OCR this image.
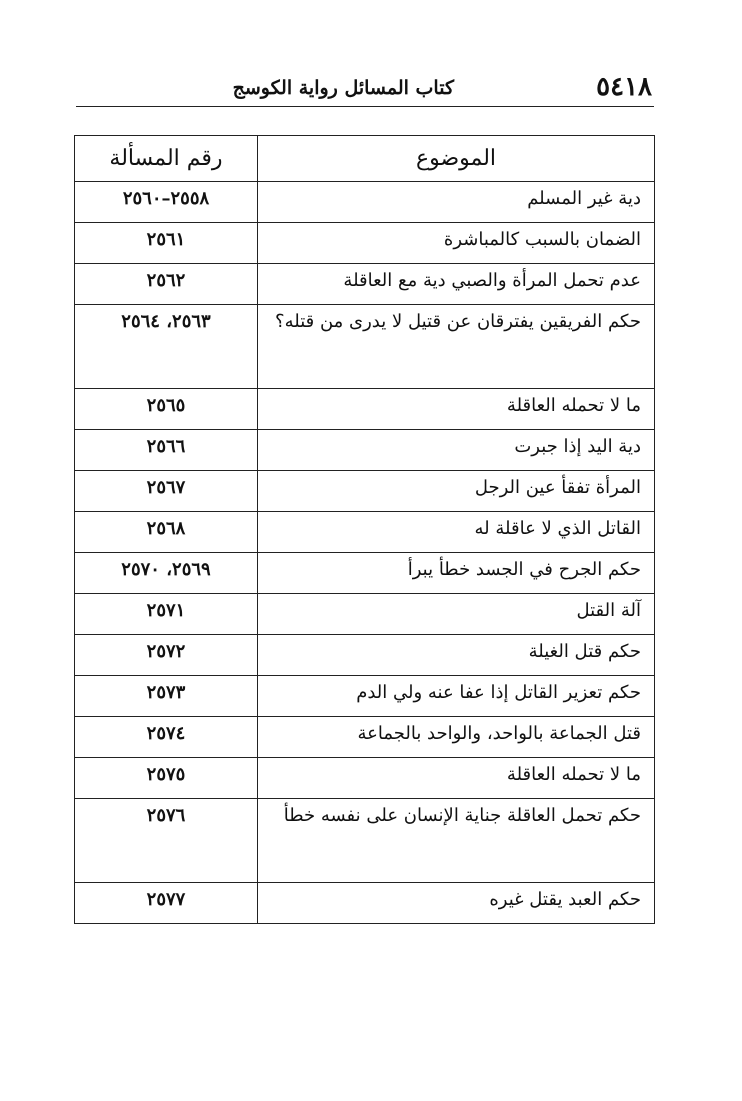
٥٤١٨
كتاب المسائل رواية الكوسج
الموضوع	رقم المسألة
دية غير المسلم	٢٥٥٨–٢٥٦٠
الضمان بالسبب كالمباشرة	٢٥٦١
عدم تحمل المرأة والصبي دية مع العاقلة	٢٥٦٢
حكم الفريقين يفترقان عن قتيل لا يدرى من قتله؟	٢٥٦٣، ٢٥٦٤
ما لا تحمله العاقلة	٢٥٦٥
دية اليد إذا جبرت	٢٥٦٦
المرأة تفقأ عين الرجل	٢٥٦٧
القاتل الذي لا عاقلة له	٢٥٦٨
حكم الجرح في الجسد خطأ يبرأ	٢٥٦٩، ٢٥٧٠
آلة القتل	٢٥٧١
حكم قتل الغيلة	٢٥٧٢
حكم تعزير القاتل إذا عفا عنه ولي الدم	٢٥٧٣
قتل الجماعة بالواحد، والواحد بالجماعة	٢٥٧٤
ما لا تحمله العاقلة	٢٥٧٥
حكم تحمل العاقلة جناية الإنسان على نفسه خطأ	٢٥٧٦
حكم العبد يقتل غيره	٢٥٧٧
